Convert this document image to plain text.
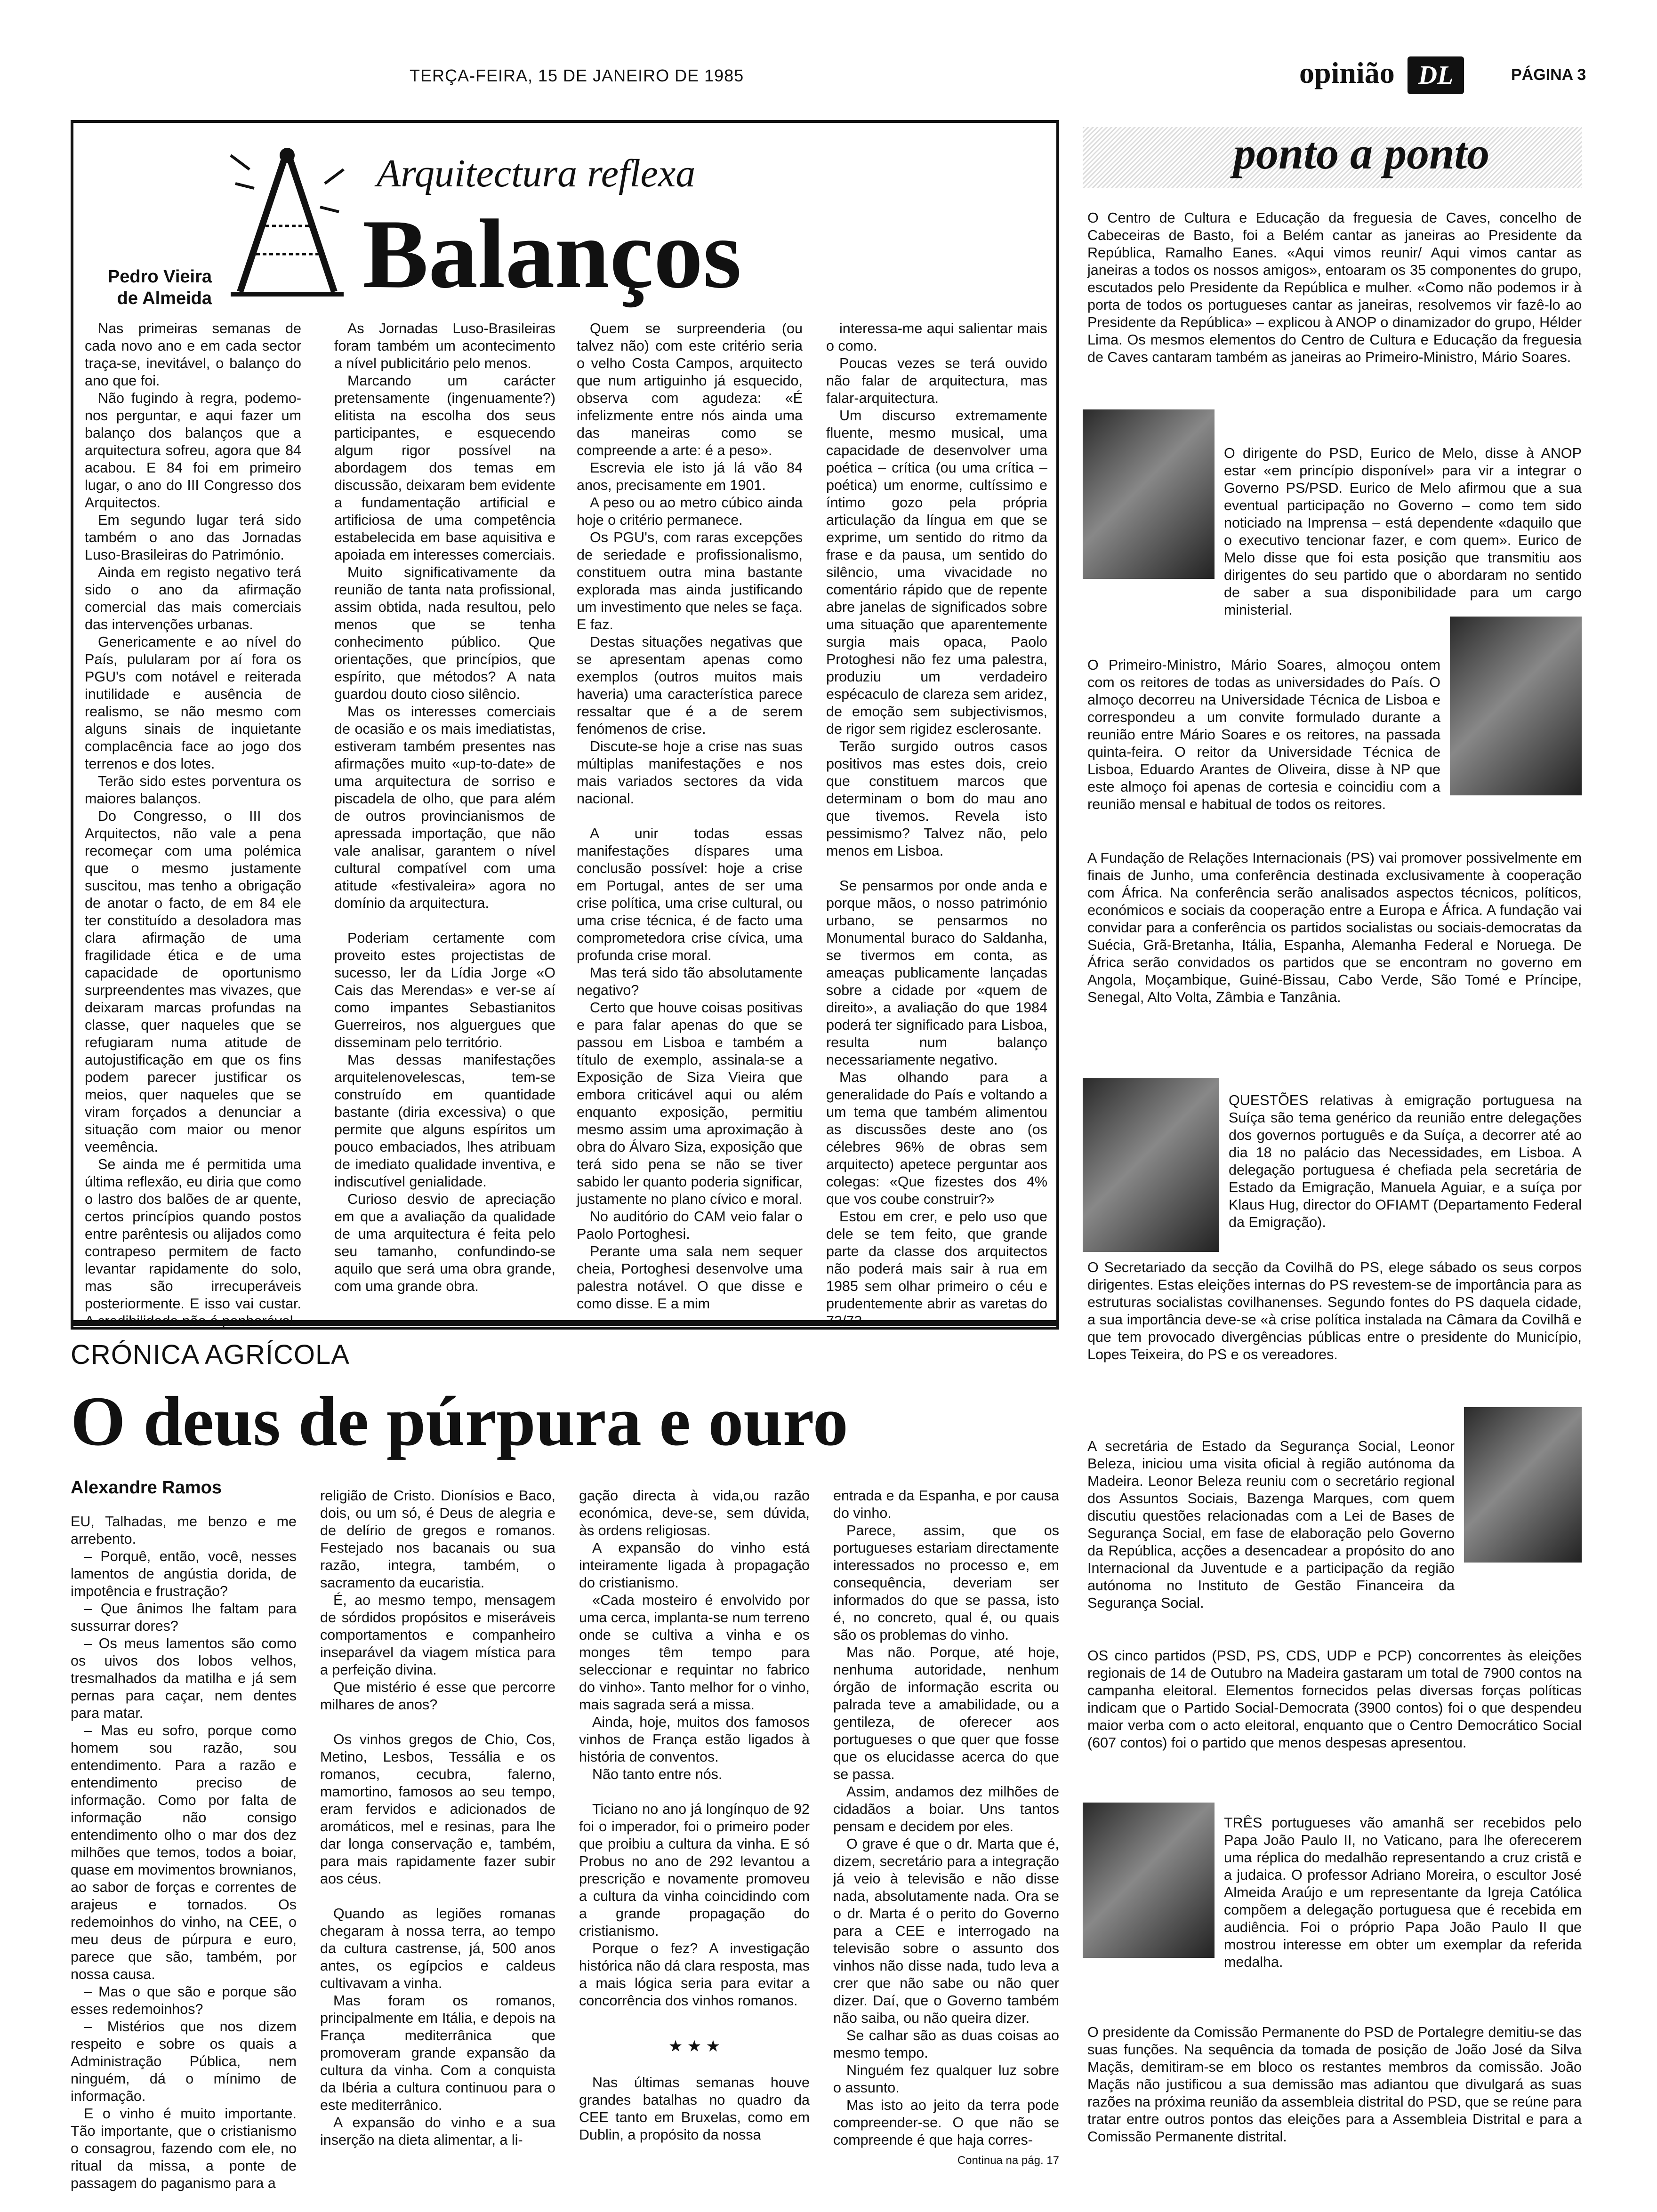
TERÇA-FEIRA, 15 DE JANEIRO DE 1985	opinião DL	PÁGINA 3
Arquitectura reflexa
Balanços
Pedro Vieira
de Almeida

Nas primeiras semanas de cada novo ano e em cada sector traça-se, inevitável, o balanço do ano que foi.

Não fugindo à regra, podemo-nos perguntar, e aqui fazer um balanço dos balanços que a arquitectura sofreu, agora que 84 acabou. E 84 foi em primeiro lugar, o ano do III Congresso dos Arquitectos.

Em segundo lugar terá sido também o ano das Jornadas Luso-Brasileiras do Património.

Ainda em registo negativo terá sido o ano da afirmação comercial das mais comerciais das intervenções urbanas.

Genericamente e ao nível do País, pulularam por aí fora os PGU's com notável e reiterada inutilidade e ausência de realismo, se não mesmo com alguns sinais de inquietante complacência face ao jogo dos terrenos e dos lotes.

Terão sido estes porventura os maiores balanços.

Do Congresso, o III dos Arquitectos, não vale a pena recomeçar com uma polémica que o mesmo justamente suscitou, mas tenho a obrigação de anotar o facto, de em 84 ele ter constituído a desoladora mas clara afirmação de uma fragilidade ética e de uma capacidade de oportunismo surpreendentes mas vivazes, que deixaram marcas profundas na classe, quer naqueles que se refugiaram numa atitude de autojustificação em que os fins podem parecer justificar os meios, quer naqueles que se viram forçados a denunciar a situação com maior ou menor veemência.

Se ainda me é permitida uma última reflexão, eu diria que como o lastro dos balões de ar quente, certos princípios quando postos entre parêntesis ou alijados como contrapeso permitem de facto levantar rapidamente do solo, mas são irrecuperáveis posteriormente. E isso vai custar. A credibilidade não é penhorável.

As Jornadas Luso-Brasileiras foram também um acontecimento a nível publicitário pelo menos.

Marcando um carácter pretensamente (ingenuamente?) elitista na escolha dos seus participantes, e esquecendo algum rigor possível na abordagem dos temas em discussão, deixaram bem evidente a fundamentação artificial e artificiosa de uma competência estabelecida em base aquisitiva e apoiada em interesses comerciais.

Muito significativamente da reunião de tanta nata profissional, assim obtida, nada resultou, pelo menos que se tenha conhecimento público. Que orientações, que princípios, que espírito, que métodos? A nata guardou douto cioso silêncio.

Mas os interesses comerciais de ocasião e os mais imediatistas, estiveram também presentes nas afirmações muito «up-to-date» de uma arquitectura de sorriso e piscadela de olho, que para além de outros provincianismos de apressada importação, que não vale analisar, garantem o nível cultural compatível com uma atitude «festivaleira» agora no domínio da arquitectura.

Poderiam certamente com proveito estes projectistas de sucesso, ler da Lídia Jorge «O Cais das Merendas» e ver-se aí como impantes Sebastianitos Guerreiros, nos alguergues que disseminam pelo território.

Mas dessas manifestações arquitelenovelescas, tem-se construído em quantidade bastante (diria excessiva) o que permite que alguns espíritos um pouco embaciados, lhes atribuam de imediato qualidade inventiva, e indiscutível genialidade.

Curioso desvio de apreciação em que a avaliação da qualidade de uma arquitectura é feita pelo seu tamanho, confundindo-se aquilo que será uma obra grande, com uma grande obra.

Quem se surpreenderia (ou talvez não) com este critério seria o velho Costa Campos, arquitecto que num artiguinho já esquecido, observa com agudeza: «É infelizmente entre nós ainda uma das maneiras como se compreende a arte: é a peso».

Escrevia ele isto já lá vão 84 anos, precisamente em 1901.

A peso ou ao metro cúbico ainda hoje o critério permanece.

Os PGU's, com raras excepções de seriedade e profissionalismo, constituem outra mina bastante explorada mas ainda justificando um investimento que neles se faça. E faz.

Destas situações negativas que se apresentam apenas como exemplos (outros muitos mais haveria) uma característica parece ressaltar que é a de serem fenómenos de crise.

Discute-se hoje a crise nas suas múltiplas manifestações e nos mais variados sectores da vida nacional.

A unir todas essas manifestações díspares uma conclusão possível: hoje a crise em Portugal, antes de ser uma crise política, uma crise cultural, ou uma crise técnica, é de facto uma comprometedora crise cívica, uma profunda crise moral.

Mas terá sido tão absolutamente negativo?

Certo que houve coisas positivas e para falar apenas do que se passou em Lisboa e também a título de exemplo, assinala-se a Exposição de Siza Vieira que embora criticável aqui ou além enquanto exposição, permitiu mesmo assim uma aproximação à obra do Álvaro Siza, exposição que terá sido pena se não se tiver sabido ler quanto poderia significar, justamente no plano cívico e moral.

No auditório do CAM veio falar o Paolo Portoghesi.

Perante uma sala nem sequer cheia, Portoghesi desenvolve uma palestra notável. O que disse e como disse. E a mim

interessa-me aqui salientar mais o como.

Poucas vezes se terá ouvido não falar de arquitectura, mas falar-arquitectura.

Um discurso extremamente fluente, mesmo musical, uma capacidade de desenvolver uma poética – crítica (ou uma crítica – poética) um enorme, cultíssimo e íntimo gozo pela própria articulação da língua em que se exprime, um sentido do ritmo da frase e da pausa, um sentido do silêncio, uma vivacidade no comentário rápido que de repente abre janelas de significados sobre uma situação que aparentemente surgia mais opaca, Paolo Protoghesi não fez uma palestra, produziu um verdadeiro espécaculo de clareza sem aridez, de emoção sem subjectivismos, de rigor sem rigidez esclerosante.

Terão surgido outros casos positivos mas estes dois, creio que constituem marcos que determinam o bom do mau ano que tivemos. Revela isto pessimismo? Talvez não, pelo menos em Lisboa.

Se pensarmos por onde anda e porque mãos, o nosso património urbano, se pensarmos no Monumental buraco do Saldanha, se tivermos em conta, as ameaças publicamente lançadas sobre a cidade por «quem de direito», a avaliação do que 1984 poderá ter significado para Lisboa, resulta num balanço necessariamente negativo.

Mas olhando para a generalidade do País e voltando a um tema que também alimentou as discussões deste ano (os célebres 96% de obras sem arquitecto) apetece perguntar aos colegas: «Que fizestes dos 4% que vos coube construir?»

Estou em crer, e pelo uso que dele se tem feito, que grande parte da classe dos arquitectos não poderá mais sair à rua em 1985 sem olhar primeiro o céu e prudentemente abrir as varetas do 73/73.

CRÓNICA AGRÍCOLA
O deus de púrpura e ouro
Alexandre Ramos

EU, Talhadas, me benzo e me arrebento.

– Porquê, então, você, nesses lamentos de angústia dorida, de impotência e frustração?

– Que ânimos lhe faltam para sussurrar dores?

– Os meus lamentos são como os uivos dos lobos velhos, tresmalhados da matilha e já sem pernas para caçar, nem dentes para matar.

– Mas eu sofro, porque como homem sou razão, sou entendimento. Para a razão e entendimento preciso de informação. Como por falta de informação não consigo entendimento olho o mar dos dez milhões que temos, todos a boiar, quase em movimentos brownianos, ao sabor de forças e correntes de arajeus e tornados. Os redemoinhos do vinho, na CEE, o meu deus de púrpura e euro, parece que são, também, por nossa causa.

– Mas o que são e porque são esses redemoinhos?

– Mistérios que nos dizem respeito e sobre os quais a Administração Pública, nem ninguém, dá o mínimo de informação.

E o vinho é muito importante. Tão importante, que o cristianismo o consagrou, fazendo com ele, no ritual da missa, a ponte de passagem do paganismo para a

religião de Cristo. Dionísios e Baco, dois, ou um só, é Deus de alegria e de delírio de gregos e romanos. Festejado nos bacanais ou sua razão, integra, também, o sacramento da eucaristia.

É, ao mesmo tempo, mensagem de sórdidos propósitos e miseráveis comportamentos e companheiro inseparável da viagem mística para a perfeição divina.

Que mistério é esse que percorre milhares de anos?

Os vinhos gregos de Chio, Cos, Metino, Lesbos, Tessália e os romanos, cecubra, falerno, mamortino, famosos ao seu tempo, eram fervidos e adicionados de aromáticos, mel e resinas, para lhe dar longa conservação e, também, para mais rapidamente fazer subir aos céus.

Quando as legiões romanas chegaram à nossa terra, ao tempo da cultura castrense, já, 500 anos antes, os egípcios e caldeus cultivavam a vinha.

Mas foram os romanos, principalmente em Itália, e depois na França mediterrânica que promoveram grande expansão da cultura da vinha. Com a conquista da Ibéria a cultura continuou para o este mediterrânico.

A expansão do vinho e a sua inserção na dieta alimentar, a li-

gação directa à vida,ou razão económica, deve-se, sem dúvida, às ordens religiosas.

A expansão do vinho está inteiramente ligada à propagação do cristianismo.

«Cada mosteiro é envolvido por uma cerca, implanta-se num terreno onde se cultiva a vinha e os monges têm tempo para seleccionar e requintar no fabrico do vinho». Tanto melhor for o vinho, mais sagrada será a missa.

Ainda, hoje, muitos dos famosos vinhos de França estão ligados à história de conventos.

Não tanto entre nós.

Ticiano no ano já longínquo de 92 foi o imperador, foi o primeiro poder que proibiu a cultura da vinha. E só Probus no ano de 292 levantou a prescrição e novamente promoveu a cultura da vinha coincidindo com a grande propagação do cristianismo.

Porque o fez? A investigação histórica não dá clara resposta, mas a mais lógica seria para evitar a concorrência dos vinhos romanos.

★ ★ ★

Nas últimas semanas houve grandes batalhas no quadro da CEE tanto em Bruxelas, como em Dublin, a propósito da nossa

entrada e da Espanha, e por causa do vinho.

Parece, assim, que os portugueses estariam directamente interessados no processo e, em consequência, deveriam ser informados do que se passa, isto é, no concreto, qual é, ou quais são os problemas do vinho.

Mas não. Porque, até hoje, nenhuma autoridade, nenhum órgão de informação escrita ou palrada teve a amabilidade, ou a gentileza, de oferecer aos portugueses o que quer que fosse que os elucidasse acerca do que se passa.

Assim, andamos dez milhões de cidadãos a boiar. Uns tantos pensam e decidem por eles.

O grave é que o dr. Marta que é, dizem, secretário para a integração já veio à televisão e não disse nada, absolutamente nada. Ora se o dr. Marta é o perito do Governo para a CEE e interrogado na televisão sobre o assunto dos vinhos não disse nada, tudo leva a crer que não sabe ou não quer dizer. Daí, que o Governo também não saiba, ou não queira dizer.

Se calhar são as duas coisas ao mesmo tempo.

Ninguém fez qualquer luz sobre o assunto.

Mas isto ao jeito da terra pode compreender-se. O que não se compreende é que haja corres-

Continua na pág. 17
ponto a ponto

O Centro de Cultura e Educação da freguesia de Caves, concelho de Cabeceiras de Basto, foi a Belém cantar as janeiras ao Presidente da República, Ramalho Eanes. «Aqui vimos reunir/ Aqui vimos cantar as janeiras a todos os nossos amigos», entoaram os 35 componentes do grupo, escutados pelo Presidente da República e mulher. «Como não podemos ir à porta de todos os portugueses cantar as janeiras, resolvemos vir fazê-lo ao Presidente da República» – explicou à ANOP o dinamizador do grupo, Hélder Lima. Os mesmos elementos do Centro de Cultura e Educação da freguesia de Caves cantaram também as janeiras ao Primeiro-Ministro, Mário Soares.

O dirigente do PSD, Eurico de Melo, disse à ANOP estar «em princípio disponível» para vir a integrar o Governo PS/PSD. Eurico de Melo afirmou que a sua eventual participação no Governo – como tem sido noticiado na Imprensa – está dependente «daquilo que o executivo tencionar fazer, e com quem». Eurico de Melo disse que foi esta posição que transmitiu aos dirigentes do seu partido que o abordaram no sentido de saber a sua disponibilidade para um cargo ministerial.

O Primeiro-Ministro, Mário Soares, almoçou ontem com os reitores de todas as universidades do País. O almoço decorreu na Universidade Técnica de Lisboa e correspondeu a um convite formulado durante a reunião entre Mário Soares e os reitores, na passada quinta-feira. O reitor da Universidade Técnica de Lisboa, Eduardo Arantes de Oliveira, disse à NP que este almoço foi apenas de cortesia e coincidiu com a reunião mensal e habitual de todos os reitores.

A Fundação de Relações Internacionais (PS) vai promover possivelmente em finais de Junho, uma conferência destinada exclusivamente à cooperação com África. Na conferência serão analisados aspectos técnicos, políticos, económicos e sociais da cooperação entre a Europa e África. A fundação vai convidar para a conferência os partidos socialistas ou sociais-democratas da Suécia, Grã-Bretanha, Itália, Espanha, Alemanha Federal e Noruega. De África serão convidados os partidos que se encontram no governo em Angola, Moçambique, Guiné-Bissau, Cabo Verde, São Tomé e Príncipe, Senegal, Alto Volta, Zâmbia e Tanzânia.

QUESTÕES relativas à emigração portuguesa na Suíça são tema genérico da reunião entre delegações dos governos português e da Suíça, a decorrer até ao dia 18 no palácio das Necessidades, em Lisboa. A delegação portuguesa é chefiada pela secretária de Estado da Emigração, Manuela Aguiar, e a suíça por Klaus Hug, director do OFIAMT (Departamento Federal da Emigração).

O Secretariado da secção da Covilhã do PS, elege sábado os seus corpos dirigentes. Estas eleições internas do PS revestem-se de importância para as estruturas socialistas covilhanenses. Segundo fontes do PS daquela cidade, a sua importância deve-se «à crise política instalada na Câmara da Covilhã e que tem provocado divergências públicas entre o presidente do Município, Lopes Teixeira, do PS e os vereadores.

A secretária de Estado da Segurança Social, Leonor Beleza, iniciou uma visita oficial à região autónoma da Madeira. Leonor Beleza reuniu com o secretário regional dos Assuntos Sociais, Bazenga Marques, com quem discutiu questões relacionadas com a Lei de Bases de Segurança Social, em fase de elaboração pelo Governo da República, acções a desencadear a propósito do ano Internacional da Juventude e a participação da região autónoma no Instituto de Gestão Financeira da Segurança Social.

OS cinco partidos (PSD, PS, CDS, UDP e PCP) concorrentes às eleições regionais de 14 de Outubro na Madeira gastaram um total de 7900 contos na campanha eleitoral. Elementos fornecidos pelas diversas forças políticas indicam que o Partido Social-Democrata (3900 contos) foi o que despendeu maior verba com o acto eleitoral, enquanto que o Centro Democrático Social (607 contos) foi o partido que menos despesas apresentou.

TRÊS portugueses vão amanhã ser recebidos pelo Papa João Paulo II, no Vaticano, para lhe oferecerem uma réplica do medalhão representando a cruz cristã e a judaica. O professor Adriano Moreira, o escultor José Almeida Araújo e um representante da Igreja Católica compõem a delegação portuguesa que é recebida em audiência. Foi o próprio Papa João Paulo II que mostrou interesse em obter um exemplar da referida medalha.

O presidente da Comissão Permanente do PSD de Portalegre demitiu-se das suas funções. Na sequência da tomada de posição de João José da Silva Maçãs, demitiram-se em bloco os restantes membros da comissão. João Maçãs não justificou a sua demissão mas adiantou que divulgará as suas razões na próxima reunião da assembleia distrital do PSD, que se reúne para tratar entre outros pontos das eleições para a Assembleia Distrital e para a Comissão Permanente distrital.
